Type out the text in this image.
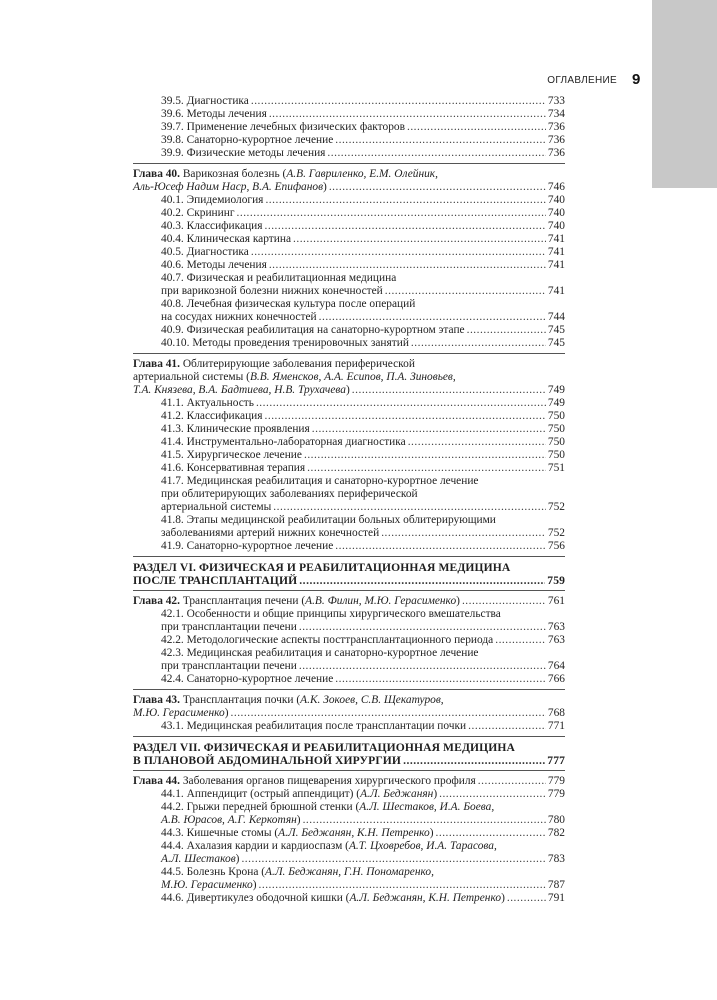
ОГЛАВЛЕНИЕ 9
39.5. Диагностика .....	733
39.6. Методы лечения .....	734
39.7. Применение лечебных физических факторов .....	736
39.8. Санаторно-курортное лечение .....	736
39.9. Физические методы лечения .....	736
Глава 40. Варикозная болезнь (А.В. Гавриленко, Е.М. Олейник,
Аль-Юсеф Надим Наср, В.А. Епифанов) .....	746
40.1. Эпидемиология .....	740
40.2. Скрининг .....	740
40.3. Классификация .....	740
40.4. Клиническая картина .....	741
40.5. Диагностика .....	741
40.6. Методы лечения .....	741
40.7. Физическая и реабилитационная медицина
при варикозной болезни нижних конечностей .....	741
40.8. Лечебная физическая культура после операций
на сосудах нижних конечностей .....	744
40.9. Физическая реабилитация на санаторно-курортном этапе .....	745
40.10. Методы проведения тренировочных занятий .....	745
Глава 41. Облитерирующие заболевания периферической
артериальной системы (В.В. Яменсков, А.А. Есипов, П.А. Зиновьев,
Т.А. Князева, В.А. Бадтиева, Н.В. Трухачева) .....	749
41.1. Актуальность .....	749
41.2. Классификация .....	750
41.3. Клинические проявления .....	750
41.4. Инструментально-лабораторная диагностика .....	750
41.5. Хирургическое лечение .....	750
41.6. Консервативная терапия .....	751
41.7. Медицинская реабилитация и санаторно-курортное лечение
при облитерирующих заболеваниях периферической
артериальной системы .....	752
41.8. Этапы медицинской реабилитации больных облитерирующими
заболеваниями артерий нижних конечностей .....	752
41.9. Санаторно-курортное лечение .....	756
РАЗДЕЛ VI. ФИЗИЧЕСКАЯ И РЕАБИЛИТАЦИОННАЯ МЕДИЦИНА
ПОСЛЕ ТРАНСПЛАНТАЦИЙ .....	759
Глава 42. Трансплантация печени (А.В. Филин, М.Ю. Герасименко) .....	761
42.1. Особенности и общие принципы хирургического вмешательства
при трансплантации печени .....	763
42.2. Методологические аспекты посттрансплантационного периода .....	763
42.3. Медицинская реабилитация и санаторно-курортное лечение
при трансплантации печени .....	764
42.4. Санаторно-курортное лечение .....	766
Глава 43. Трансплантация почки (А.К. Зокоев, С.В. Щекатуров,
М.Ю. Герасименко) .....	768
43.1. Медицинская реабилитация после трансплантации почки .....	771
РАЗДЕЛ VII. ФИЗИЧЕСКАЯ И РЕАБИЛИТАЦИОННАЯ МЕДИЦИНА
В ПЛАНОВОЙ АБДОМИНАЛЬНОЙ ХИРУРГИИ .....	777
Глава 44. Заболевания органов пищеварения хирургического профиля .....	779
44.1. Аппендицит (острый аппендицит) (А.Л. Беджанян) .....	779
44.2. Грыжи передней брюшной стенки (А.Л. Шестаков, И.А. Боева,
А.В. Юрасов, А.Г. Керкотян) .....	780
44.3. Кишечные стомы (А.Л. Беджанян, К.Н. Петренко) .....	782
44.4. Ахалазия кардии и кардиоспазм (А.Т. Цховребов, И.А. Тарасова,
А.Л. Шестаков) .....	783
44.5. Болезнь Крона (А.Л. Беджанян, Г.Н. Пономаренко,
М.Ю. Герасименко) .....	787
44.6. Дивертикулез ободочной кишки (А.Л. Беджанян, К.Н. Петренко) .....	791
